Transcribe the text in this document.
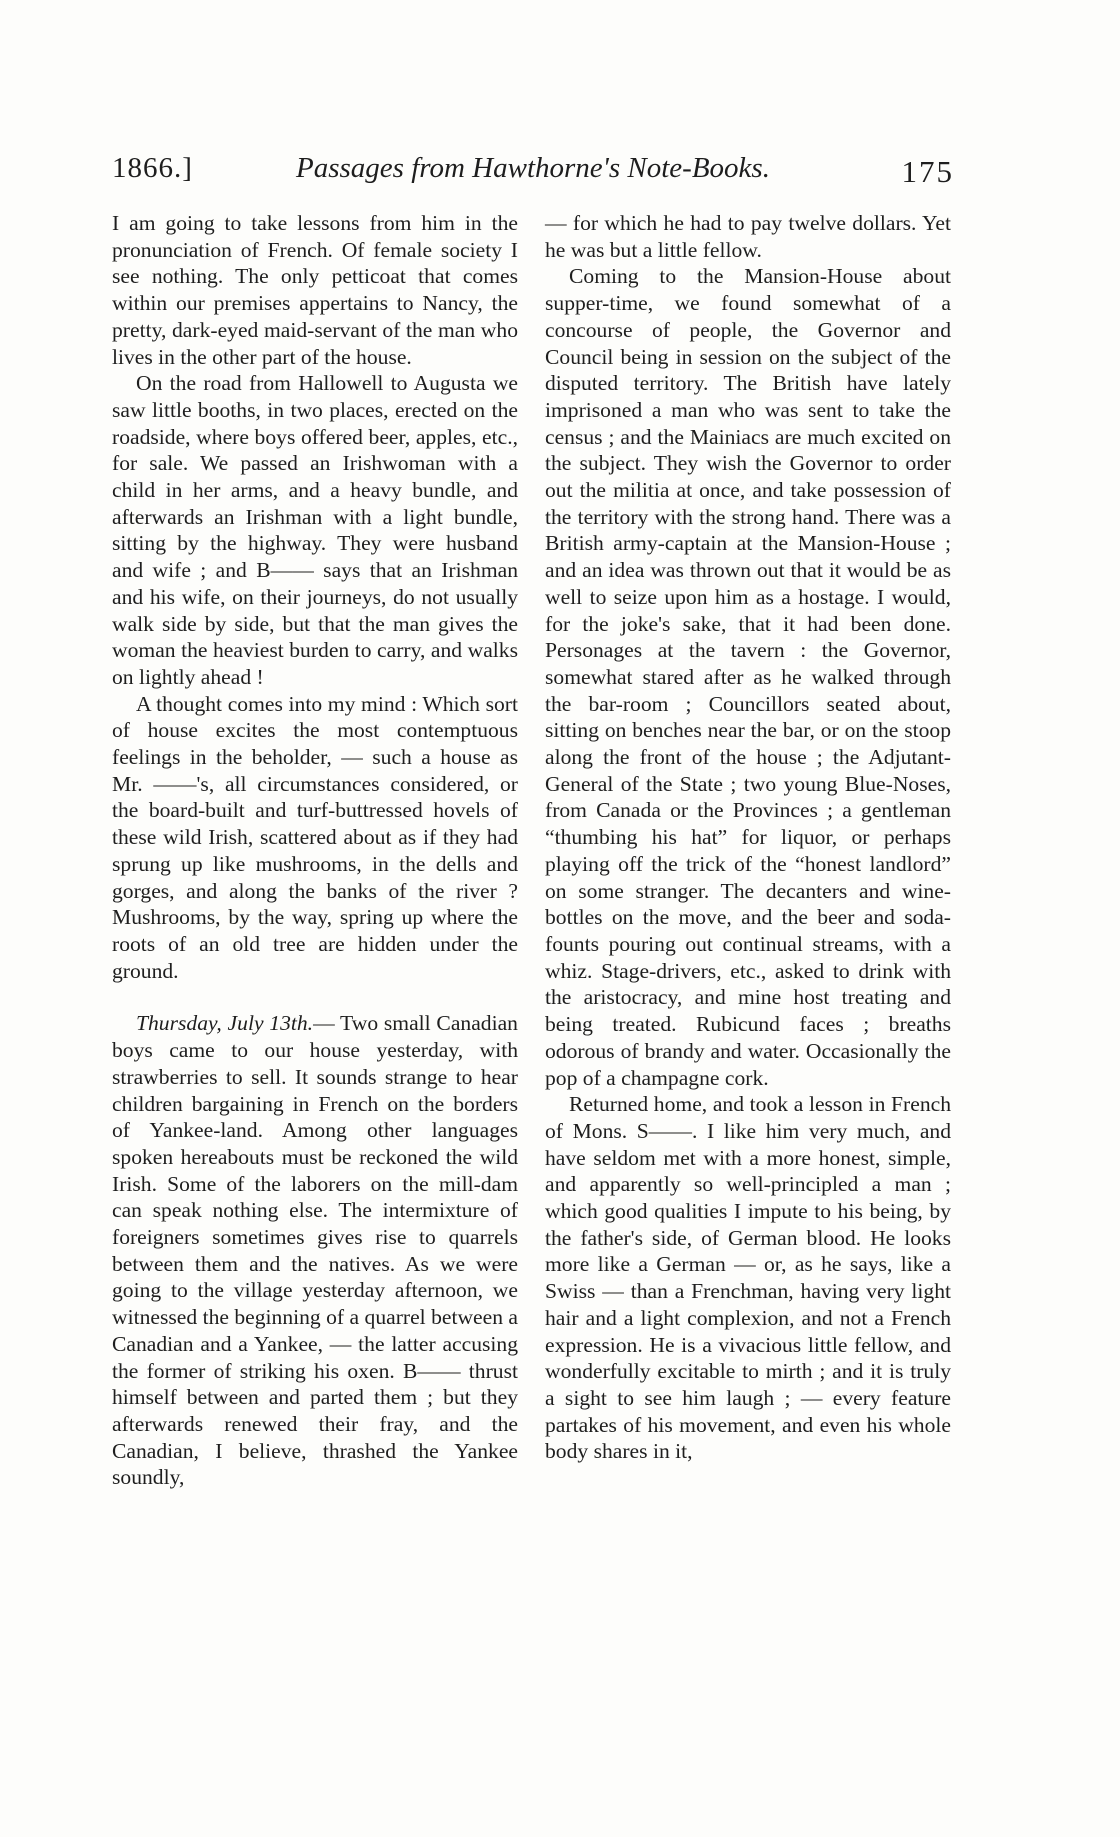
1866.]	Passages from Hawthorne's Note-Books.	175

I am going to take lessons from him in the pronunciation of French. Of female society I see nothing. The only petticoat that comes within our premises appertains to Nancy, the pretty, dark-eyed maid-servant of the man who lives in the other part of the house.

On the road from Hallowell to Augusta we saw little booths, in two places, erected on the roadside, where boys offered beer, apples, etc., for sale. We passed an Irishwoman with a child in her arms, and a heavy bundle, and afterwards an Irishman with a light bundle, sitting by the highway. They were husband and wife ; and B—— says that an Irishman and his wife, on their journeys, do not usually walk side by side, but that the man gives the woman the heaviest burden to carry, and walks on lightly ahead !

A thought comes into my mind : Which sort of house excites the most contemptuous feelings in the beholder, — such a house as Mr. ——'s, all circumstances considered, or the board-built and turf-buttressed hovels of these wild Irish, scattered about as if they had sprung up like mushrooms, in the dells and gorges, and along the banks of the river ? Mushrooms, by the way, spring up where the roots of an old tree are hidden under the ground.

Thursday, July 13th.— Two small Canadian boys came to our house yesterday, with strawberries to sell. It sounds strange to hear children bargaining in French on the borders of Yankee-land. Among other languages spoken hereabouts must be reckoned the wild Irish. Some of the laborers on the mill-dam can speak nothing else. The intermixture of foreigners sometimes gives rise to quarrels between them and the natives. As we were going to the village yesterday afternoon, we witnessed the beginning of a quarrel between a Canadian and a Yankee, — the latter accusing the former of striking his oxen. B—— thrust himself between and parted them ; but they afterwards renewed their fray, and the Canadian, I believe, thrashed the Yankee soundly,

— for which he had to pay twelve dollars. Yet he was but a little fellow.

Coming to the Mansion-House about supper-time, we found somewhat of a concourse of people, the Governor and Council being in session on the subject of the disputed territory. The British have lately imprisoned a man who was sent to take the census ; and the Mainiacs are much excited on the subject. They wish the Governor to order out the militia at once, and take possession of the territory with the strong hand. There was a British army-captain at the Mansion-House ; and an idea was thrown out that it would be as well to seize upon him as a hostage. I would, for the joke's sake, that it had been done. Personages at the tavern : the Governor, somewhat stared after as he walked through the bar-room ; Councillors seated about, sitting on benches near the bar, or on the stoop along the front of the house ; the Adjutant-General of the State ; two young Blue-Noses, from Canada or the Provinces ; a gentleman “thumbing his hat” for liquor, or perhaps playing off the trick of the “honest landlord” on some stranger. The decanters and wine-bottles on the move, and the beer and soda-founts pouring out continual streams, with a whiz. Stage-drivers, etc., asked to drink with the aristocracy, and mine host treating and being treated. Rubicund faces ; breaths odorous of brandy and water. Occasionally the pop of a champagne cork.

Returned home, and took a lesson in French of Mons. S——. I like him very much, and have seldom met with a more honest, simple, and apparently so well-principled a man ; which good qualities I impute to his being, by the father's side, of German blood. He looks more like a German — or, as he says, like a Swiss — than a Frenchman, having very light hair and a light complexion, and not a French expression. He is a vivacious little fellow, and wonderfully excitable to mirth ; and it is truly a sight to see him laugh ; — every feature partakes of his movement, and even his whole body shares in it,
